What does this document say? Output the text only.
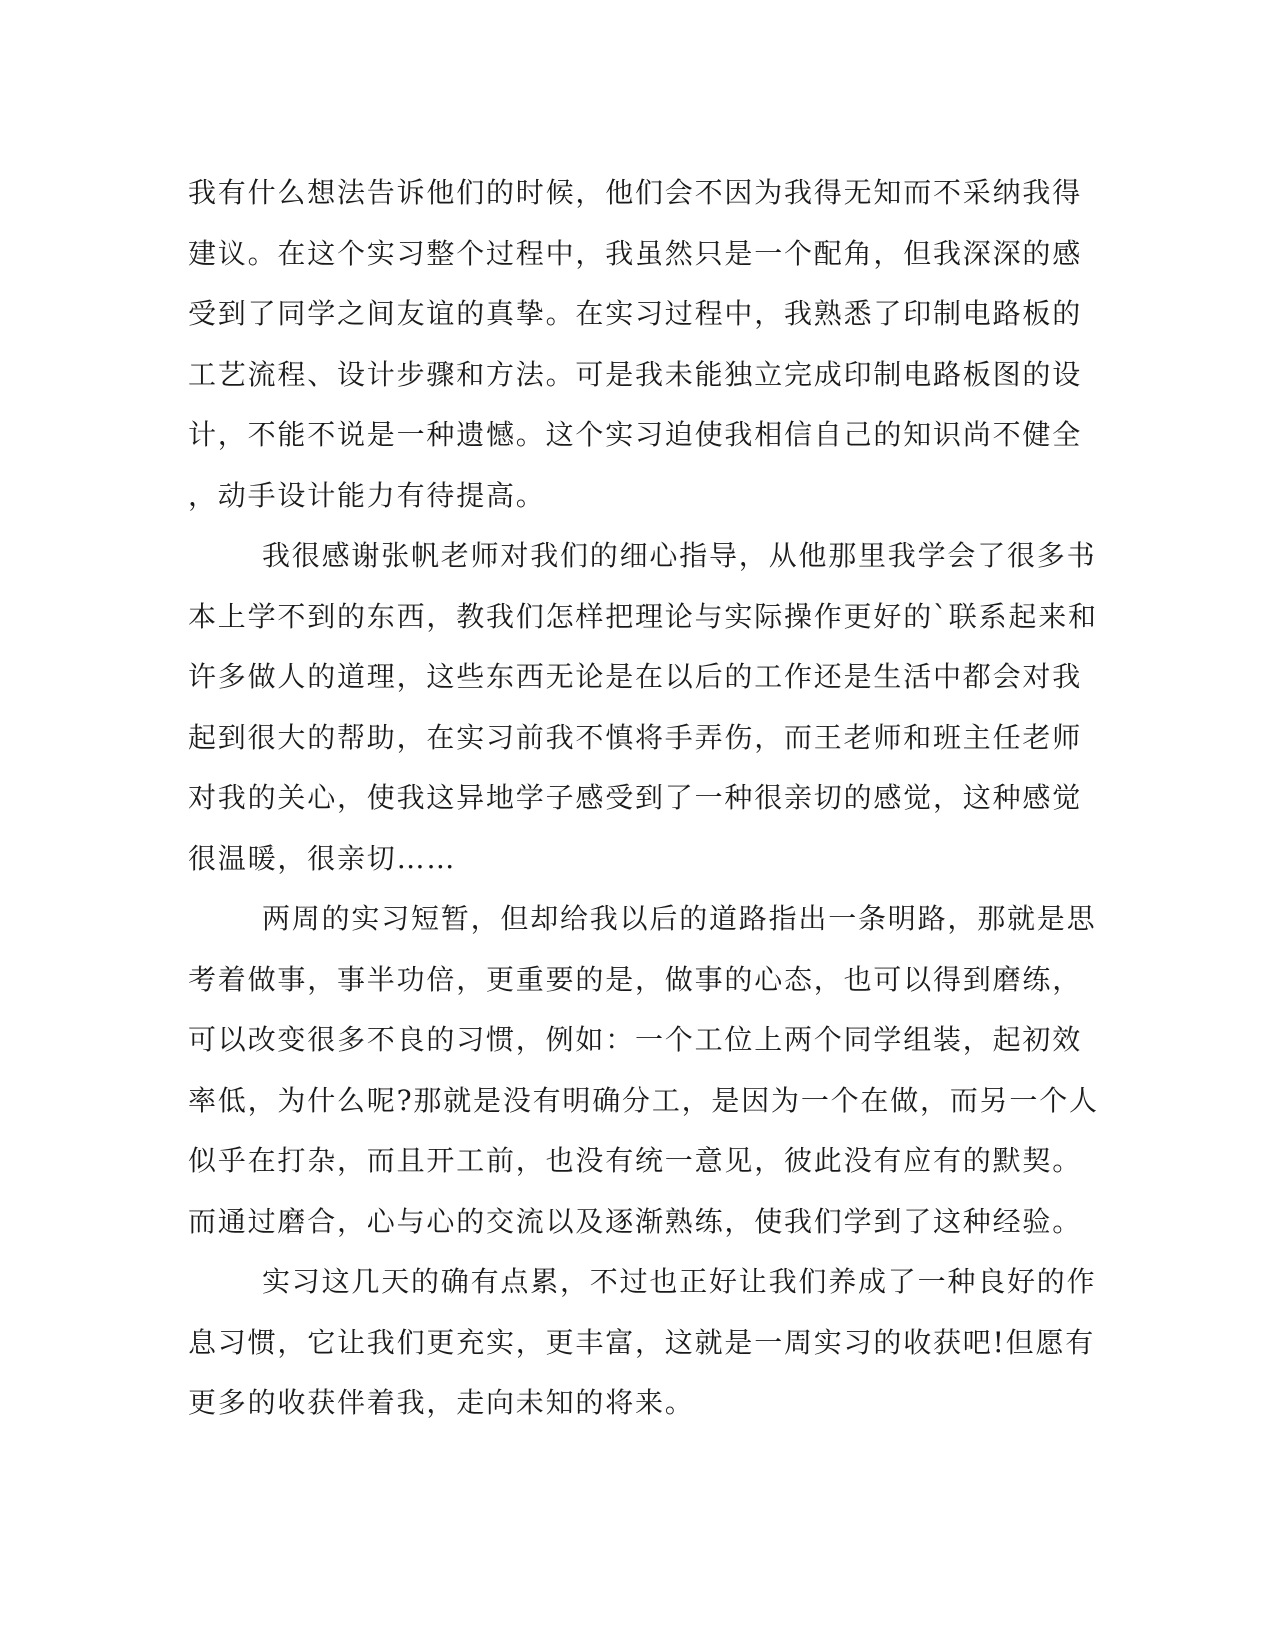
我有什么想法告诉他们的时候，他们会不因为我得无知而不采纳我得

建议。在这个实习整个过程中，我虽然只是一个配角，但我深深的感

受到了同学之间友谊的真挚。在实习过程中，我熟悉了印制电路板的

工艺流程、设计步骤和方法。可是我未能独立完成印制电路板图的设

计，不能不说是一种遗憾。这个实习迫使我相信自己的知识尚不健全

，动手设计能力有待提高。

我很感谢张帆老师对我们的细心指导，从他那里我学会了很多书

本上学不到的东西，教我们怎样把理论与实际操作更好的`联系起来和

许多做人的道理，这些东西无论是在以后的工作还是生活中都会对我

起到很大的帮助，在实习前我不慎将手弄伤，而王老师和班主任老师

对我的关心，使我这异地学子感受到了一种很亲切的感觉，这种感觉

很温暖，很亲切……

两周的实习短暂，但却给我以后的道路指出一条明路，那就是思

考着做事，事半功倍，更重要的是，做事的心态，也可以得到磨练，

可以改变很多不良的习惯，例如：一个工位上两个同学组装，起初效

率低，为什么呢?那就是没有明确分工，是因为一个在做，而另一个人

似乎在打杂，而且开工前，也没有统一意见，彼此没有应有的默契。

而通过磨合，心与心的交流以及逐渐熟练，使我们学到了这种经验。

实习这几天的确有点累，不过也正好让我们养成了一种良好的作

息习惯，它让我们更充实，更丰富，这就是一周实习的收获吧!但愿有

更多的收获伴着我，走向未知的将来。
